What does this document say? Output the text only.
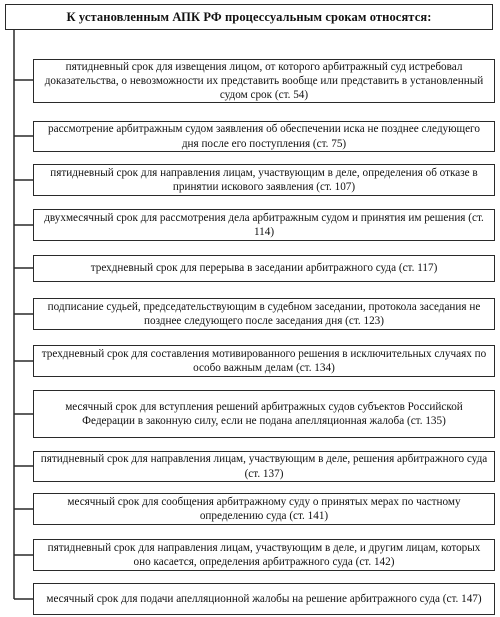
К установленным АПК РФ процессуальным срокам относятся:
пятидневный срок для извещения лицом, от которого арбитражный суд истребовал доказательства, о невозможности их представить вообще или представить в установленный судом срок (ст. 54)
рассмотрение арбитражным судом заявления об обеспечении иска не позднее следующего дня после его поступления (ст. 75)
пятидневный срок для направления лицам, участвующим в деле, определения об отказе в принятии искового заявления (ст. 107)
двухмесячный срок для рассмотрения дела арбитражным судом и принятия им решения (ст. 114)
трехдневный срок для перерыва в заседании арбитражного суда (ст. 117)
подписание судьей, председательствующим в судебном заседании, протокола заседания не позднее следующего после заседания дня (ст. 123)
трехдневный срок для составления мотивированного решения в исключительных случаях по особо важным делам (ст. 134)
месячный срок для вступления решений арбитражных судов субъектов Российской Федерации в законную силу, если не подана апелляционная жалоба (ст. 135)
пятидневный срок для направления лицам, участвующим в деле, решения арбитражного суда (ст. 137)
месячный срок для сообщения арбитражному суду о принятых мерах по частному определению суда (ст. 141)
пятидневный срок для направления лицам, участвующим в деле, и другим лицам, которых оно касается, определения арбитражного суда (ст. 142)
месячный срок для подачи апелляционной жалобы на решение арбитражного суда (ст. 147)
